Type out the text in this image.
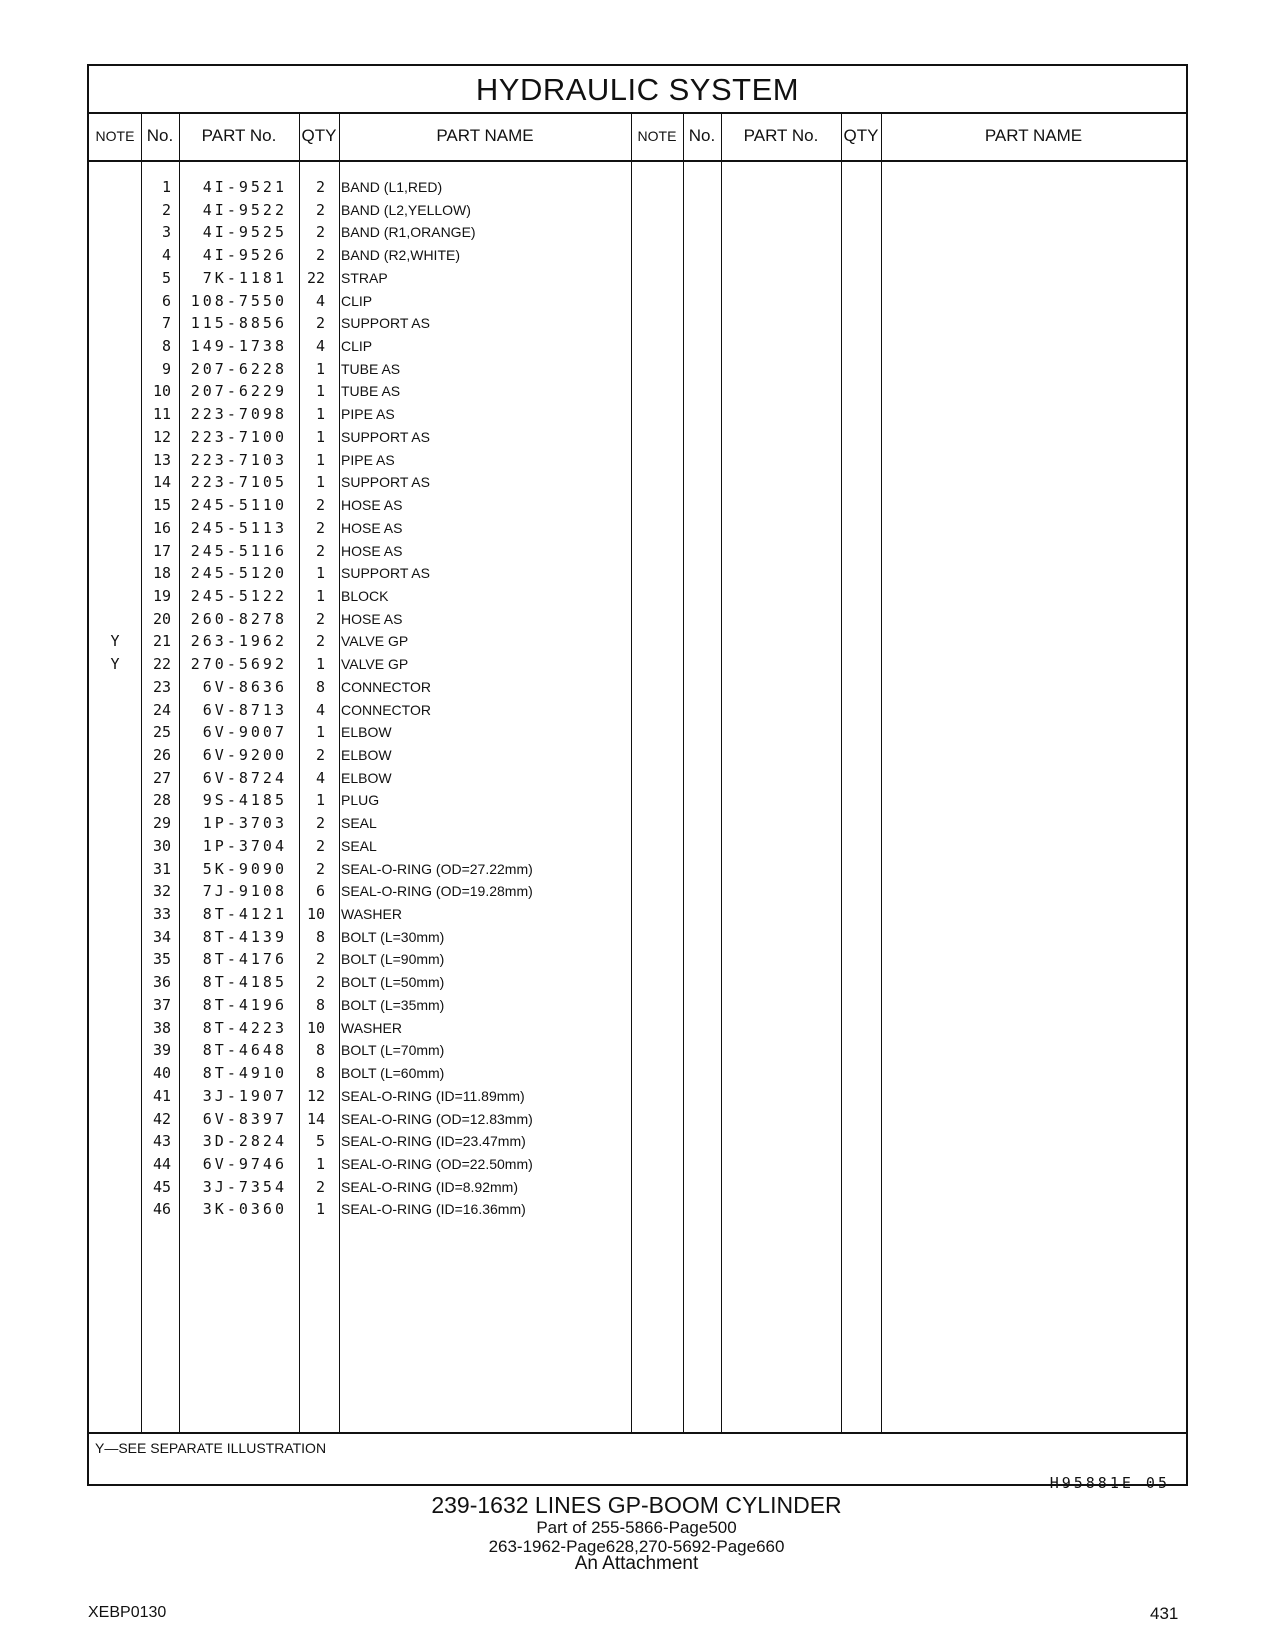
HYDRAULIC SYSTEM
NOTE No.	PART No.	QTY	PART NAME	NOTE No.	PART No.	QTY	PART NAME
1	4I-9521	2 BAND (L1,RED)
2	4I-9522	2 BAND (L2,YELLOW)
3	4I-9525	2 BAND (R1,ORANGE)
4	4I-9526	2 BAND (R2,WHITE)
5	7K-1181	22 STRAP
6	108-7550	4 CLIP
7	115-8856	2 SUPPORT AS
8	149-1738	4 CLIP
9	207-6228	1 TUBE AS
10	207-6229	1 TUBE AS
11	223-7098	1 PIPE AS
12	223-7100	1 SUPPORT AS
13	223-7103	1 PIPE AS
14	223-7105	1 SUPPORT AS
15	245-5110	2 HOSE AS
16	245-5113	2 HOSE AS
17	245-5116	2 HOSE AS
18	245-5120	1 SUPPORT AS
19	245-5122	1 BLOCK
20	260-8278	2 HOSE AS
Y	21	263-1962	2 VALVE GP
Y	22	270-5692	1 VALVE GP
23	6V-8636	8 CONNECTOR
24	6V-8713	4 CONNECTOR
25	6V-9007	1 ELBOW
26	6V-9200	2 ELBOW
27	6V-8724	4 ELBOW
28	9S-4185	1 PLUG
29	1P-3703	2 SEAL
30	1P-3704	2 SEAL
31	5K-9090	2 SEAL-O-RING (OD=27.22mm)
32	7J-9108	6 SEAL-O-RING (OD=19.28mm)
33	8T-4121	10 WASHER
34	8T-4139	8 BOLT (L=30mm)
35	8T-4176	2 BOLT (L=90mm)
36	8T-4185	2 BOLT (L=50mm)
37	8T-4196	8 BOLT (L=35mm)
38	8T-4223	10 WASHER
39	8T-4648	8 BOLT (L=70mm)
40	8T-4910	8 BOLT (L=60mm)
41	3J-1907	12 SEAL-O-RING (ID=11.89mm)
42	6V-8397	14 SEAL-O-RING (OD=12.83mm)
43	3D-2824	5 SEAL-O-RING (ID=23.47mm)
44	6V-9746	1 SEAL-O-RING (OD=22.50mm)
45	3J-7354	2 SEAL-O-RING (ID=8.92mm)
46	3K-0360	1 SEAL-O-RING (ID=16.36mm)
Y—SEE SEPARATE ILLUSTRATION
H95881E 05
239-1632 LINES GP-BOOM CYLINDER
Part of 255-5866-Page500
263-1962-Page628,270-5692-Page660
An Attachment
XEBP0130	431
